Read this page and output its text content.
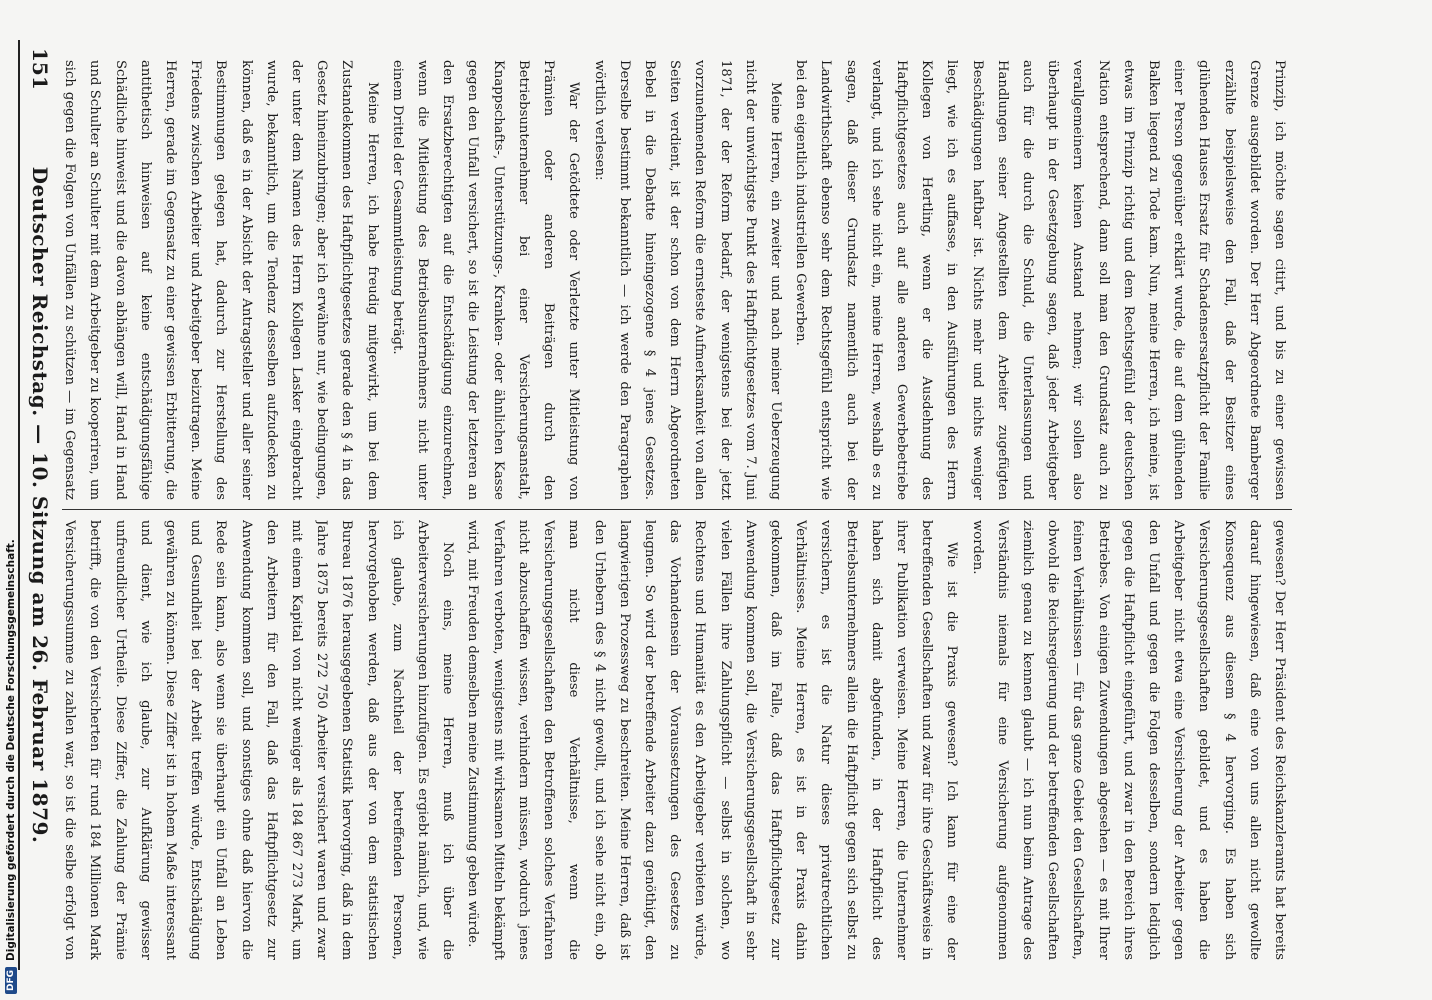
Deutscher Reichstag. — 10. Sitzung am 26. Februar 1879.
151	Prinzip, ich möchte sagen citirt, und bis zu einer gewissen Grenze ausgebildet worden. Der Herr Abgeordnete Bamberger erzählte beispielsweise den Fall, daß der Besitzer eines glühenden Hauses Ersatz für Schadensersatzpflicht der Familie einer Person gegenüber erklärt wurde, die auf dem glühenden Balken liegend zu Tode kam. Nun, meine Herren, ich meine, ist etwas im Prinzip richtig und dem Rechtsgefühl der deutschen Nation entsprechend, dann soll man den Grundsatz auch zu verallgemeinern keinen Anstand nehmen; wir sollen also überhaupt in der Gesetzgebung sagen, daß jeder Arbeitgeber auch für die durch die Schuld, die Unterlassungen und Handlungen seiner Angestellten dem Arbeiter zugefügten Beschädigungen haftbar ist. Nichts mehr und nichts weniger liegt, wie ich es auffasse, in den Ausführungen des Herrn Kollegen von Hertling, wenn er die Ausdehnung des Haftpflichtgesetzes auch auf alle anderen Gewerbebetriebe verlangt, und ich sehe nicht ein, meine Herren, weshalb es zu sagen, daß dieser Grundsatz namentlich auch bei der Landwirthschaft ebenso sehr dem Rechtsgefühl entspricht wie bei den eigentlich industriellen Gewerben.

Meine Herren, ein zweiter und nach meiner Ueberzeugung nicht der unwichtigste Punkt des Haftpflichtgesetzes vom 7. Juni 1871, der der Reform bedarf, der wenigstens bei der jetzt vorzunehmenden Reform die ernsteste Aufmerksamkeit von allen Seiten verdient, ist der schon von dem Herrn Abgeordneten Bebel in die Debatte hineingezogene § 4 jenes Gesetzes. Derselbe bestimmt bekanntlich — ich werde den Paragraphen wörtlich verlesen:

War der Getödtete oder Verletzte unter Mitleistung von Prämien oder anderen Beiträgen durch den Betriebsunternehmer bei einer Versicherungsanstalt, Knappschafts-, Unterstützungs-, Kranken- oder ähnlichen Kasse gegen den Unfall versichert, so ist die Leistung der letzteren an den Ersatzberechtigten auf die Entschädigung einzurechnen, wenn die Mitleistung des Betriebsunternehmers nicht unter einem Drittel der Gesammtleistung beträgt.

Meine Herren, ich habe freudig mitgewirkt, um bei dem Zustandekommen des Haftpflichtgesetzes gerade den § 4 in das Gesetz hineinzubringen; aber ich erwähne nur, wie bedingungen, der unter dem Namen des Herrn Kollegen Lasker eingebracht wurde, bekanntlich, um die Tendenz desselben aufzudecken zu können, daß es in der Absicht der Antragsteller und aller seiner Bestimmungen gelegen hat, dadurch zur Herstellung des Friedens zwischen Arbeiter und Arbeitgeber beizutragen. Meine Herren, gerade im Gegensatz zu einer gewissen Erbitterung, die antithetisch hinweisen auf keine entschädigungsfähige Schädliche hinweist und die davon abhängen will, Hand in Hand und Schulter an Schulter mit dem Arbeitgeber zu kooperiren, um sich gegen die Folgen von Unfällen zu schützen — im Gegensatz

gewesen? Der Herr Präsident des Reichskanzleramts hat bereits darauf hingewiesen, daß eine von uns allen nicht gewollte Konsequenz aus diesem § 4 hervorging. Es haben sich Versicherungsgesellschaften gebildet, und es haben die Arbeitgeber nicht etwa eine Versicherung der Arbeiter gegen den Unfall und gegen die Folgen desselben, sondern lediglich gegen die Haftpflicht eingeführt, und zwar in den Bereich ihres Betriebes. Von einigen Zuwendungen abgesehen — es mit Ihrer feinen Verhältnissen — für das ganze Gebiet den Gesellschaften, obwohl die Reichsregierung und der betreffenden Gesellschaften ziemlich genau zu kennen glaubt — ich nun beim Antrage des Verständnis niemals für eine Versicherung aufgenommen worden.

Wie ist die Praxis gewesen? Ich kann für eine der betreffenden Gesellschaften und zwar für ihre Geschäftsweise in ihrer Publikation verweisen. Meine Herren, die Unternehmer haben sich damit abgefunden, in der Haftpflicht des Betriebsunternehmers allein die Haftpflicht gegen sich selbst zu versichern, es ist die Natur dieses privatrechtlichen Verhältnisses. Meine Herren, es ist in der Praxis dahin gekommen, daß im Falle, daß das Haftpflichtgesetz zur Anwendung kommen soll, die Versicherungsgesellschaft in sehr vielen Fällen ihre Zahlungspflicht — selbst in solchen, wo Rechtens und Humanität es den Arbeitgeber verbieten würde, das Vorhandensein der Voraussetzungen des Gesetzes zu leugnen. So wird der betreffende Arbeiter dazu genöthigt, den langwierigen Prozessweg zu beschreiten. Meine Herren, daß ist den Urhebern des § 4 nicht gewollt, und ich sehe nicht ein, ob man nicht diese Verhältnisse, wenn die Versicherungsgesellschaften den Betroffenen solches Verfahren nicht abzuschaffen wissen, verhindern müssen, wodurch jenes Verfahren verboten, wenigstens mit wirksamen Mitteln bekämpft wird, mit Freuden demselben meine Zustimmung geben würde.

Noch eins, meine Herren, muß ich über die Arbeiterversicherungen hinzufügen. Es ergiebt nämlich, und, wie ich glaube, zum Nachtheil der betreffenden Personen, hervorgehoben werden, daß aus der von dem statistischen Bureau 1876 herausgegebenen Statistik hervorging, daß in dem Jahre 1875 bereits 272 750 Arbeiter versichert waren und zwar mit einem Kapital von nicht weniger als 184 867 273 Mark, um den Arbeitern für den Fall, daß das Haftpflichtgesetz zur Anwendung kommen soll, und sonstiges ohne daß hiervon die Rede sein kann, also wenn sie überhaupt ein Unfall an Leben und Gesundheit bei der Arbeit treffen würde, Entschädigung gewähren zu können. Diese Ziffer ist in hohem Maße interessant und dient, wie ich glaube, zur Aufklärung gewisser unfreundlicher Urtheile. Diese Ziffer, die Zahlung der Prämie betrifft, die von den Versicherten für rund 184 Millionen Mark Versicherungssumme zu zahlen war, so ist die selbe erfolgt von

DFG
Digitalisierung gefördert durch die Deutsche Forschungsgemeinschaft.
